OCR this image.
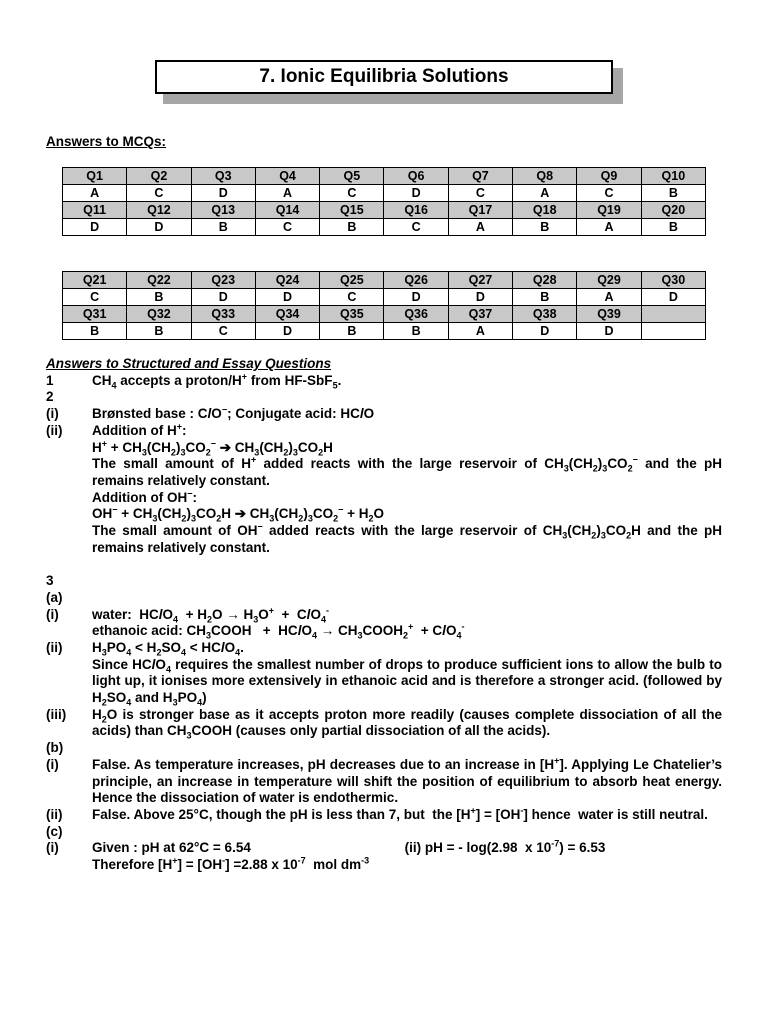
7. Ionic Equilibria Solutions
Answers to MCQs:
Q1	Q2	Q3	Q4	Q5	Q6	Q7	Q8	Q9	Q10
A	C	D	A	C	D	C	A	C	B
Q11	Q12	Q13	Q14	Q15	Q16	Q17	Q18	Q19	Q20
D	D	B	C	B	C	A	B	A	B
Q21	Q22	Q23	Q24	Q25	Q26	Q27	Q28	Q29	Q30
C	B	D	D	C	D	D	B	A	D
Q31	Q32	Q33	Q34	Q35	Q36	Q37	Q38	Q39	
B	B	C	D	B	B	A	D	D	
Answers to Structured and Essay Questions
1	$CH_4$ accepts a proton/H+ from HF-SbF$_5$.
2
(i)	Brønsted base : ClO−; Conjugate acid: HClO
(ii)	Addition of H+:
$H^+ + CH_3(CH_2)_3CO_2^-$ ➔ $CH_3(CH_2)_3CO_2H$
The small amount of H+ added reacts with the large reservoir of $CH_3(CH_2)_3CO_2^-$ and the pH remains relatively constant.
Addition of OH−:
$OH^- + CH_3(CH_2)_3CO_2H$ ➔ $CH_3(CH_2)_3CO_2^- + H_2O$
The small amount of OH− added reacts with the large reservoir of $CH_3(CH_2)_3CO_2H$ and the pH remains relatively constant.
3
(a)
(i)	water:  HClO$_4$  + $H_2O \to H_3O^+ + ClO_4^-$
ethanoic acid: $CH_3COOH$   +  HClO$_4$ → $CH_3COOH_2^+ + ClO_4^-$
(ii)	$H_3PO_4 < H_2SO_4$ < HClO$_4$.
Since HClO$_4$ requires the smallest number of drops to produce sufficient ions to allow the bulb to light up, it ionises more extensively in ethanoic acid and is therefore a stronger acid. (followed by $H_2SO_4$ and $H_3PO_4$)
(iii)	$H_2O$ is stronger base as it accepts proton more readily (causes complete dissociation of all the acids) than $CH_3COOH$ (causes only partial dissociation of all the acids).
(b)
(i)	False. As temperature increases, pH decreases due to an increase in [H+]. Applying Le Chatelier’s principle, an increase in temperature will shift the position of equilibrium to absorb heat energy. Hence the dissociation of water is endothermic.
(ii)	False. Above 25°C, though the pH is less than 7, but  the [H+] = [OH-] hence  water is still neutral.
(c)
(i)	Given : pH at 62°C = 6.54	(ii) pH = - log(2.98  x $10^{-7}) = 6.53$
Therefore [H+] = [OH-] =2.88 x $10^{-7}$  mol $dm^{-3}$
